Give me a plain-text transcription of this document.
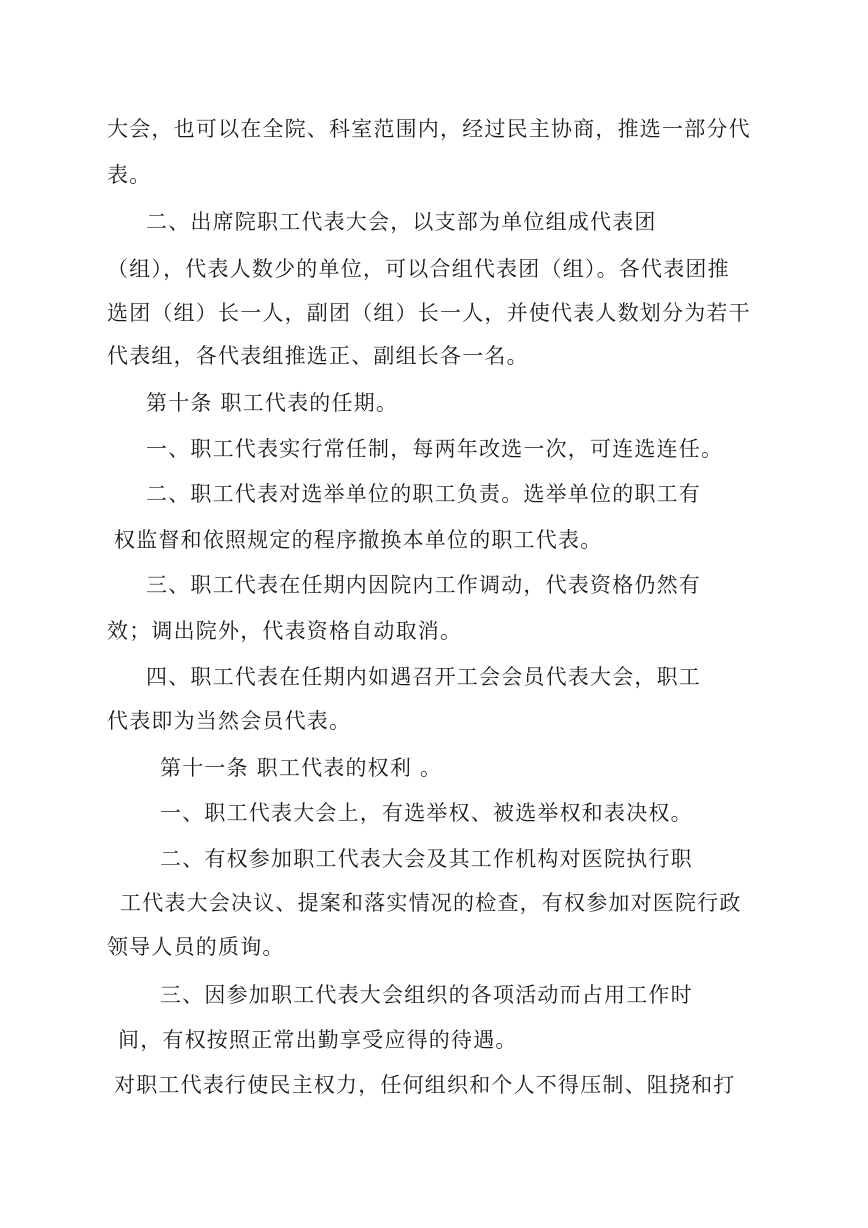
大会，也可以在全院、科室范围内，经过民主协商，推选一部分代
表。
二、出席院职工代表大会，以支部为单位组成代表团
（组），代表人数少的单位，可以合组代表团（组）。各代表团推
选团（组）长一人，副团（组）长一人，并使代表人数划分为若干
代表组，各代表组推选正、副组长各一名。
第十条 职工代表的任期。
一、职工代表实行常任制，每两年改选一次，可连选连任。
二、职工代表对选举单位的职工负责。选举单位的职工有
权监督和依照规定的程序撤换本单位的职工代表。
三、职工代表在任期内因院内工作调动，代表资格仍然有
效；调出院外，代表资格自动取消。
四、职工代表在任期内如遇召开工会会员代表大会，职工
代表即为当然会员代表。
第十一条 职工代表的权利 。
一、职工代表大会上，有选举权、被选举权和表决权。
二、有权参加职工代表大会及其工作机构对医院执行职
工代表大会决议、提案和落实情况的检查，有权参加对医院行政
领导人员的质询。
三、因参加职工代表大会组织的各项活动而占用工作时
间，有权按照正常出勤享受应得的待遇。
对职工代表行使民主权力，任何组织和个人不得压制、阻挠和打
